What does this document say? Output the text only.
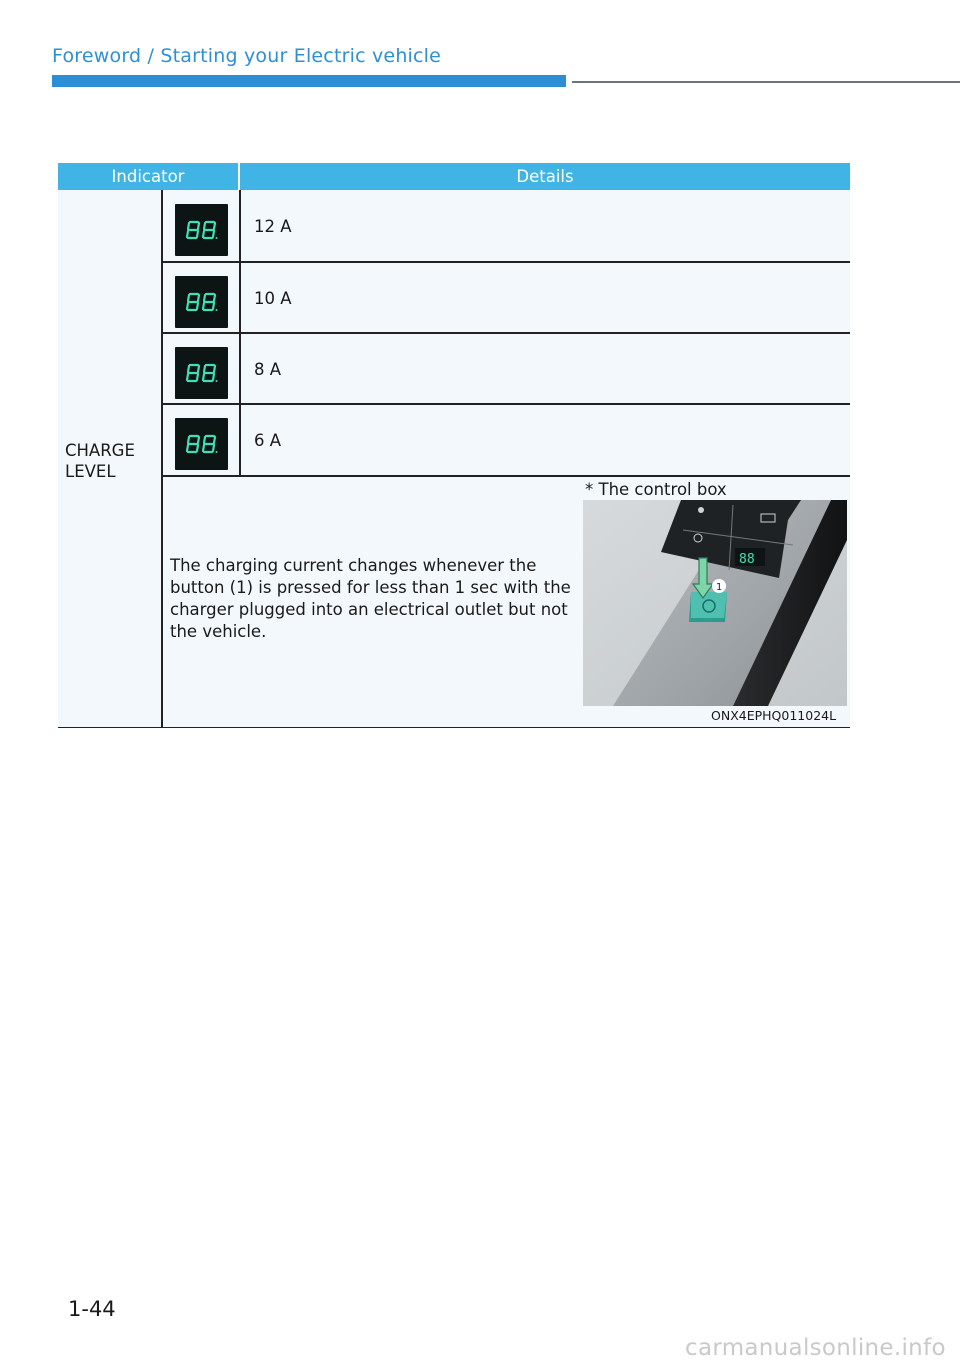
Foreword / Starting your Electric vehicle
Indicator	Details
CHARGE LEVEL
12 A
10 A
8 A
6 A
The charging current changes whenever the button (1) is pressed for less than 1 sec with the charger plugged into an electrical outlet but not the vehicle.
* The control box
88
1
ONX4EPHQ011024L
1-44
carmanualsonline.info
